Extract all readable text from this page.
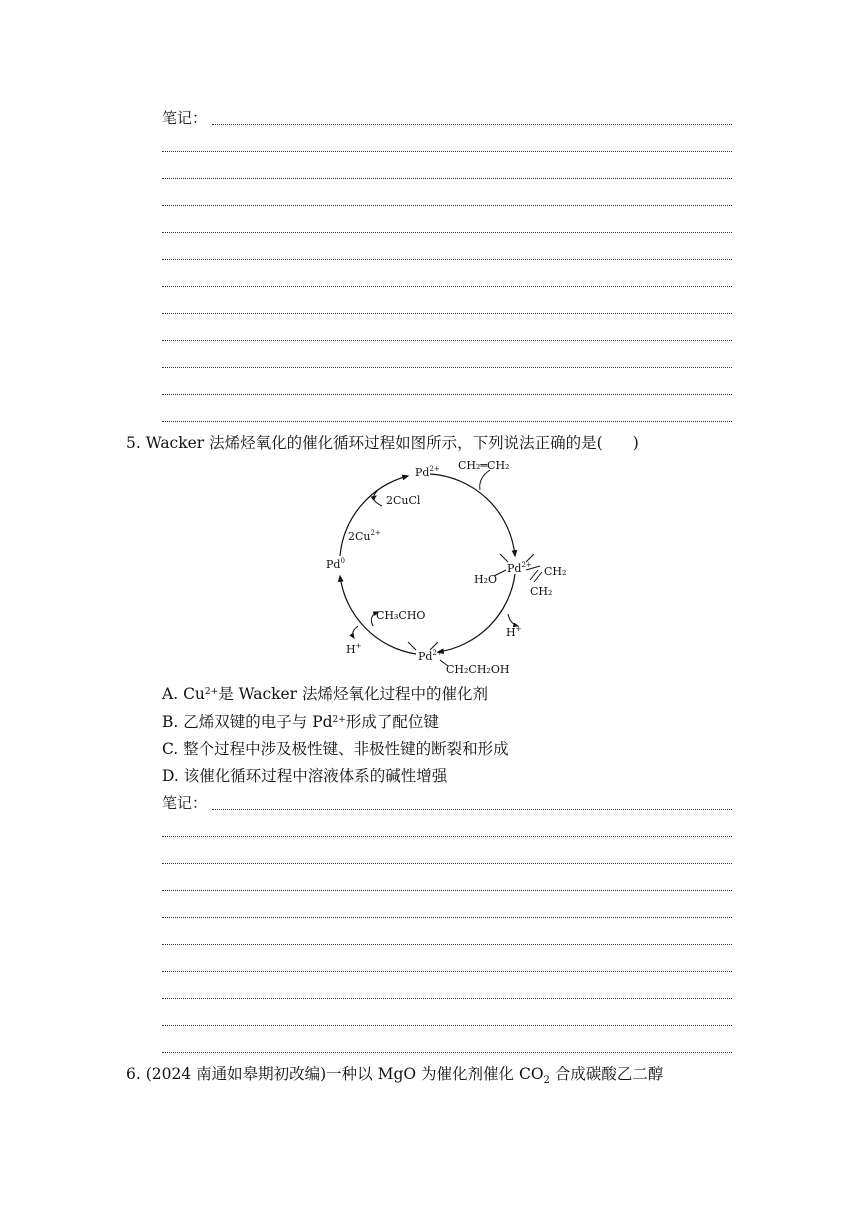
笔记：
5. Wacker 法烯烃氧化的催化循环过程如图所示，下列说法正确的是( )
$Pd^{2+}$ CH₂═CH₂
2CuCl
$2Cu^{2+}$
Pd$^0$
$Pd^{2+}$
H₂O
CH₂
CH₂
H+
CH₃CHO
H+
$Pd^{2+}$
CH₂CH₂OH
A. $Cu^{2+}$是 Wacker 法烯烃氧化过程中的催化剂
B. 乙烯双键的电子与 $Pd^{2+}$形成了配位键
C. 整个过程中涉及极性键、非极性键的断裂和形成
D. 该催化循环过程中溶液体系的碱性增强
笔记：
6. (2024 南通如皋期初改编)一种以 MgO 为催化剂催化 $CO_2$ 合成碳酸乙二醇
